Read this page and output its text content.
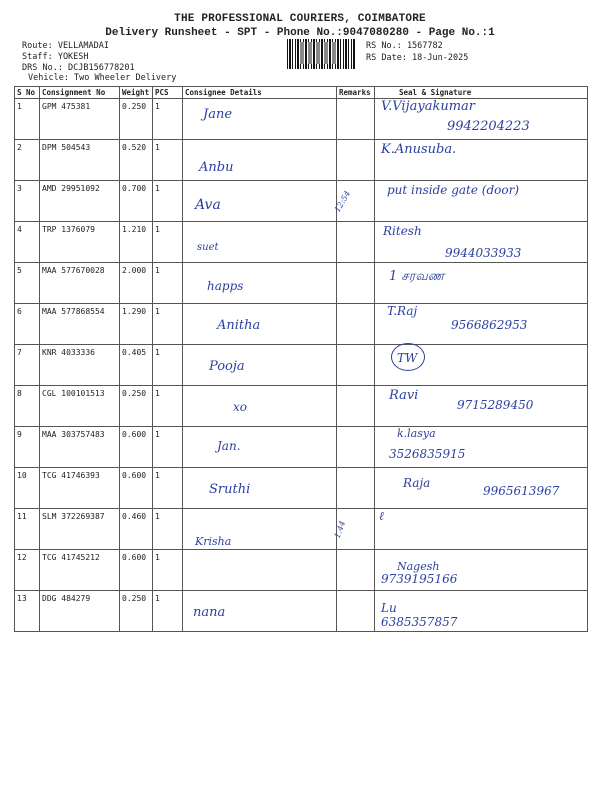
THE PROFESSIONAL COURIERS, COIMBATORE
Delivery Runsheet - SPT - Phone No.:9047080280 - Page No.:1
Route: VELLAMADAI
Staff: YOKESH
DRS No.: DCJB156778201
Vehicle: Two Wheeler Delivery
RS No.: 1567782
RS Date: 18-Jun-2025
S No	Consignment No	Weight	PCS	Consignee Details	Remarks	Seal & Signature
1	GPM 475381	0.250	1	Jane		V.Vijayakumar
9942204223

2	DPM 504543	0.520	1	Anbu		K.Anusuba.

3	AMD 29951092	0.700	1	Ava	12:54	put inside gate (door)

4	TRP 1376079	1.210	1	suet		Ritesh
9944033933

5	MAA 577670028	2.000	1	happs		1 சரவண

6	MAA 577868554	1.290	1	Anitha		T.Raj
9566862953

7	KNR 4033336	0.405	1	Pooja		TW

8	CGL 100101513	0.250	1	xo		Ravi
9715289450

9	MAA 303757483	0.600	1	Jan.		k.lasya
3526835915

10	TCG 41746393	0.600	1	Sruthi		Raja
9965613967

11	SLM 372269387	0.460	1	Krisha	1.44	ℓ

12	TCG 41745212	0.600	1			Nagesh
9739195166

13	DDG 484279	0.250	1	nana		Lu
6385357857
